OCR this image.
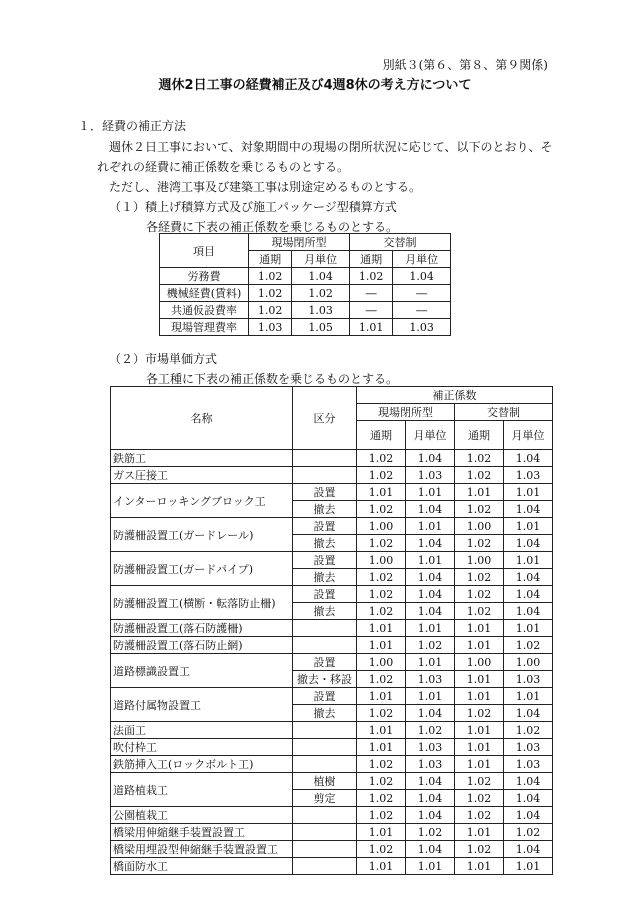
別紙３(第６、第８、第９関係)
週休2日工事の経費補正及び4週8休の考え方について
１．経費の補正方法
週休２日工事において、対象期間中の現場の閉所状況に応じて、以下のとおり、そ
れぞれの経費に補正係数を乗じるものとする。
ただし、港湾工事及び建築工事は別途定めるものとする。
（１）積上げ積算方式及び施工パッケージ型積算方式
各経費に下表の補正係数を乗じるものとする。
項目	現場閉所型		交替制	
	通期	月単位	通期	月単位
労務費	1.02	1.04	1.02	1.04
機械経費(賃料)	1.02	1.02	―	―
共通仮設費率	1.02	1.03	―	―
現場管理費率	1.03	1.05	1.01	1.03
（２）市場単価方式
各工種に下表の補正係数を乗じるものとする。
名称	区分	補正係数			
		現場閉所型		交替制	
		通期	月単位	通期	月単位
鉄筋工		1.02	1.04	1.02	1.04
ガス圧接工		1.02	1.03	1.02	1.03
インターロッキングブロック工	設置	1.01	1.01	1.01	1.01
	撤去	1.02	1.04	1.02	1.04
防護柵設置工(ガードレール)	設置	1.00	1.01	1.00	1.01
	撤去	1.02	1.04	1.02	1.04
防護柵設置工(ガードパイプ)	設置	1.00	1.01	1.00	1.01
	撤去	1.02	1.04	1.02	1.04
防護柵設置工(横断・転落防止柵)	設置	1.02	1.04	1.02	1.04
	撤去	1.02	1.04	1.02	1.04
防護柵設置工(落石防護柵)		1.01	1.01	1.01	1.01
防護柵設置工(落石防止網)		1.01	1.02	1.01	1.02
道路標識設置工	設置	1.00	1.01	1.00	1.00
	撤去・移設	1.02	1.03	1.01	1.03
道路付属物設置工	設置	1.01	1.01	1.01	1.01
	撤去	1.02	1.04	1.02	1.04
法面工		1.01	1.02	1.01	1.02
吹付枠工		1.01	1.03	1.01	1.03
鉄筋挿入工(ロックボルト工)		1.02	1.03	1.01	1.03
道路植栽工	植樹	1.02	1.04	1.02	1.04
	剪定	1.02	1.04	1.02	1.04
公園植栽工		1.02	1.04	1.02	1.04
橋梁用伸縮継手装置設置工		1.01	1.02	1.01	1.02
橋梁用埋設型伸縮継手装置設置工		1.02	1.04	1.02	1.04
橋面防水工		1.01	1.01	1.01	1.01
